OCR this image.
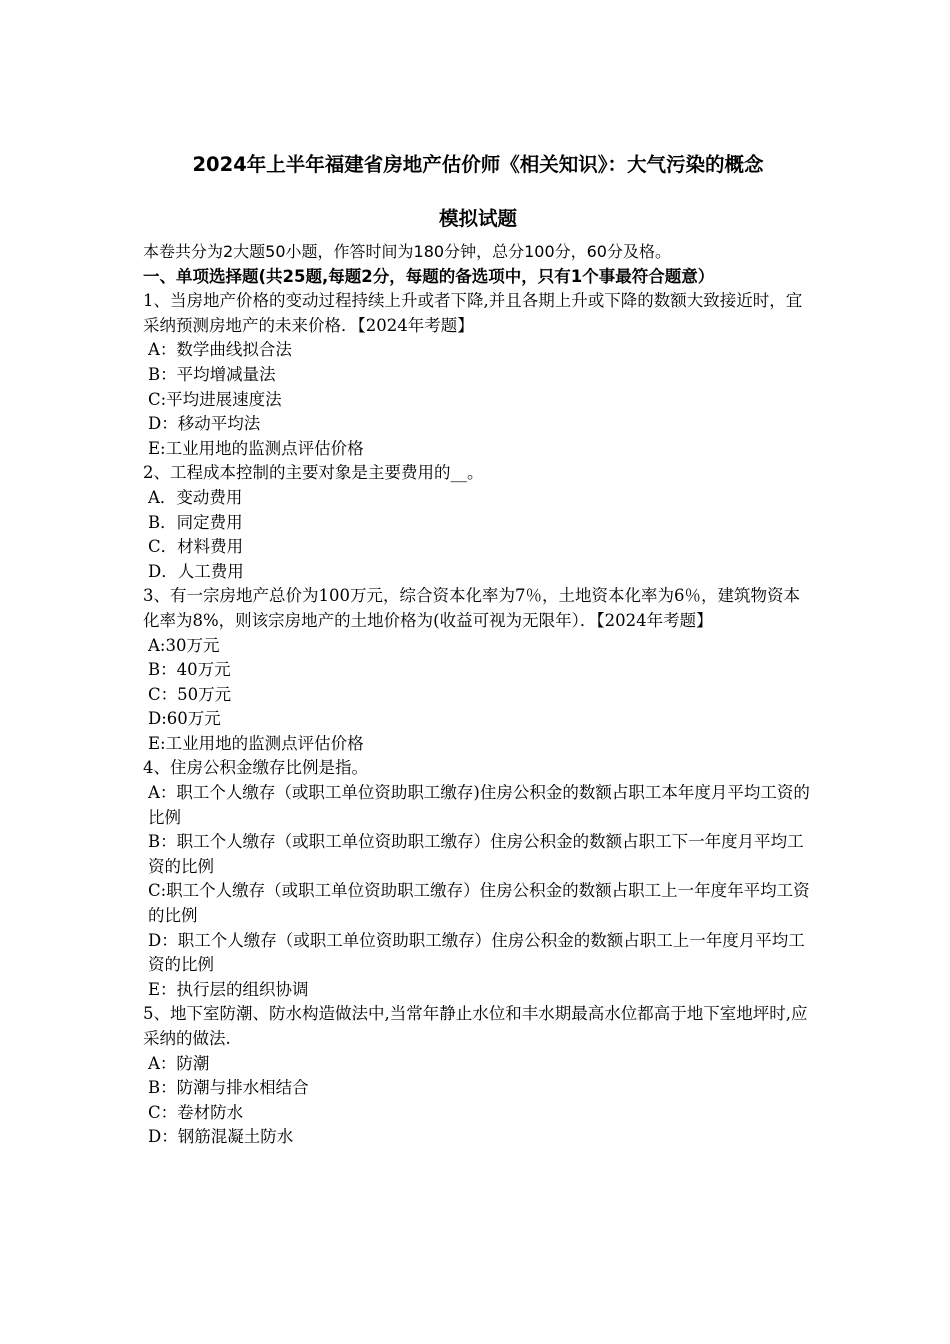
2024年上半年福建省房地产估价师《相关知识》：大气污染的概念
模拟试题
本卷共分为2大题50小题，作答时间为180分钟，总分100分，60分及格。
一、单项选择题(共25题,每题2分，每题的备选项中，只有1个事最符合题意）
1、当房地产价格的变动过程持续上升或者下降,并且各期上升或下降的数额大致接近时，宜采纳预测房地产的未来价格．【2024年考题】
A：数学曲线拟合法
B：平均增减量法
C:平均进展速度法
D：移动平均法
E:工业用地的监测点评估价格
2、工程成本控制的主要对象是主要费用的__。
A．变动费用
B．同定费用
C．材料费用
D．人工费用
3、有一宗房地产总价为100万元，综合资本化率为7％，土地资本化率为6％，建筑物资本化率为8%，则该宗房地产的土地价格为(收益可视为无限年）．【2024年考题】
A:30万元
B：40万元
C：50万元
D:60万元
E:工业用地的监测点评估价格
4、住房公积金缴存比例是指。
A：职工个人缴存（或职工单位资助职工缴存)住房公积金的数额占职工本年度月平均工资的比例
B：职工个人缴存（或职工单位资助职工缴存）住房公积金的数额占职工下一年度月平均工资的比例
C:职工个人缴存（或职工单位资助职工缴存）住房公积金的数额占职工上一年度年平均工资的比例
D：职工个人缴存（或职工单位资助职工缴存）住房公积金的数额占职工上一年度月平均工资的比例
E：执行层的组织协调
5、地下室防潮、防水构造做法中,当常年静止水位和丰水期最高水位都高于地下室地坪时,应采纳的做法.
A：防潮
B：防潮与排水相结合
C：卷材防水
D：钢筋混凝土防水
